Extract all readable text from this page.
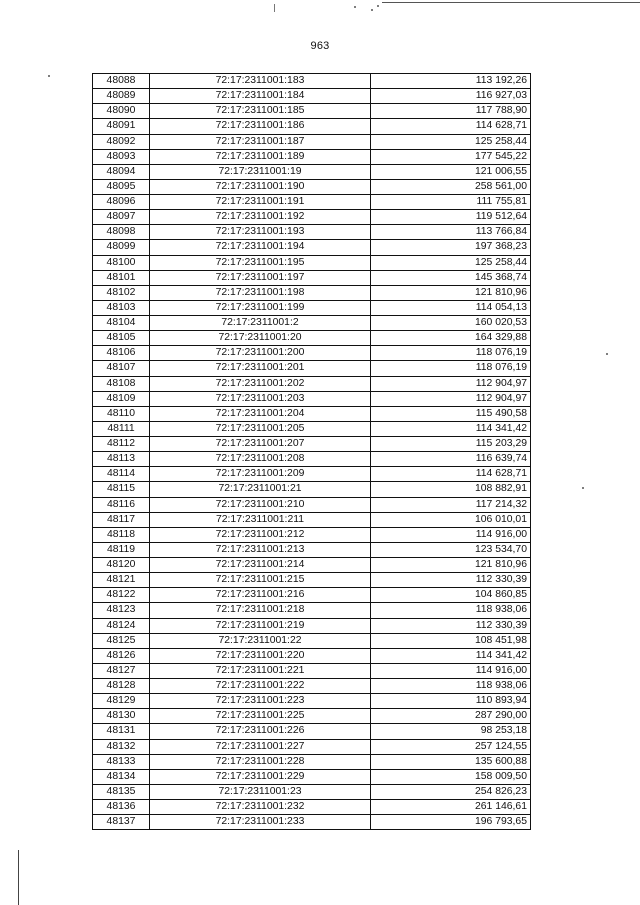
963
48088	72:17:2311001:183	113 192,26
48089	72:17:2311001:184	116 927,03
48090	72:17:2311001:185	117 788,90
48091	72:17:2311001:186	114 628,71
48092	72:17:2311001:187	125 258,44
48093	72:17:2311001:189	177 545,22
48094	72:17:2311001:19	121 006,55
48095	72:17:2311001:190	258 561,00
48096	72:17:2311001:191	111 755,81
48097	72:17:2311001:192	119 512,64
48098	72:17:2311001:193	113 766,84
48099	72:17:2311001:194	197 368,23
48100	72:17:2311001:195	125 258,44
48101	72:17:2311001:197	145 368,74
48102	72:17:2311001:198	121 810,96
48103	72:17:2311001:199	114 054,13
48104	72:17:2311001:2	160 020,53
48105	72:17:2311001:20	164 329,88
48106	72:17:2311001:200	118 076,19
48107	72:17:2311001:201	118 076,19
48108	72:17:2311001:202	112 904,97
48109	72:17:2311001:203	112 904,97
48110	72:17:2311001:204	115 490,58
48111	72:17:2311001:205	114 341,42
48112	72:17:2311001:207	115 203,29
48113	72:17:2311001:208	116 639,74
48114	72:17:2311001:209	114 628,71
48115	72:17:2311001:21	108 882,91
48116	72:17:2311001:210	117 214,32
48117	72:17:2311001:211	106 010,01
48118	72:17:2311001:212	114 916,00
48119	72:17:2311001:213	123 534,70
48120	72:17:2311001:214	121 810,96
48121	72:17:2311001:215	112 330,39
48122	72:17:2311001:216	104 860,85
48123	72:17:2311001:218	118 938,06
48124	72:17:2311001:219	112 330,39
48125	72:17:2311001:22	108 451,98
48126	72:17:2311001:220	114 341,42
48127	72:17:2311001:221	114 916,00
48128	72:17:2311001:222	118 938,06
48129	72:17:2311001:223	110 893,94
48130	72:17:2311001:225	287 290,00
48131	72:17:2311001:226	98 253,18
48132	72:17:2311001:227	257 124,55
48133	72:17:2311001:228	135 600,88
48134	72:17:2311001:229	158 009,50
48135	72:17:2311001:23	254 826,23
48136	72:17:2311001:232	261 146,61
48137	72:17:2311001:233	196 793,65
